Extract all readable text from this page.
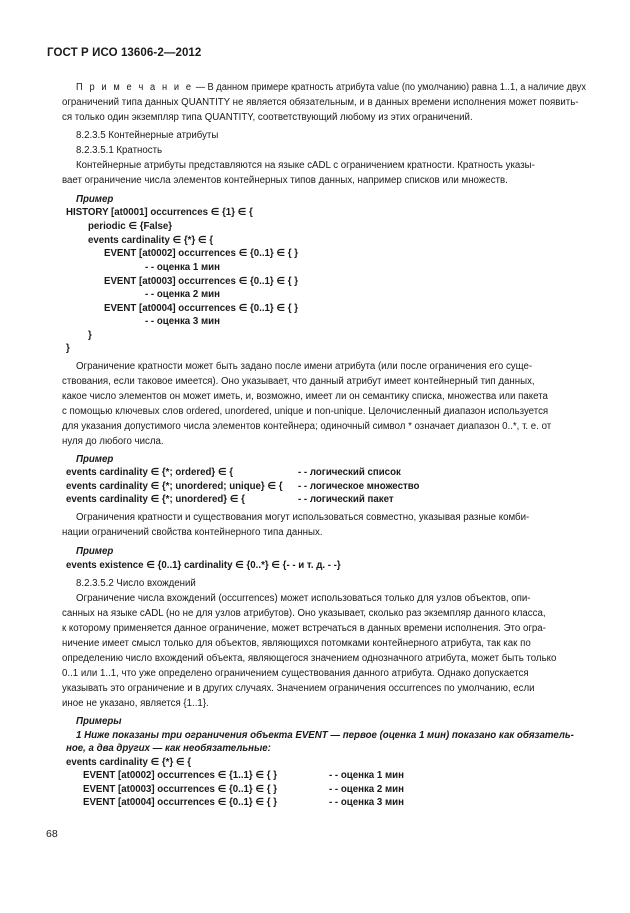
ГОСТ Р ИСО 13606-2—2012
П р и м е ч а н и е — В данном примере кратность атрибута value (по умолчанию) равна 1..1, а наличие двух
ограничений типа данных QUANTITY не является обязательным, и в данных времени исполнения может появить-
ся только один экземпляр типа QUANTITY, соответствующий любому из этих ограничений.
8.2.3.5 Контейнерные атрибуты
8.2.3.5.1 Кратность
Контейнерные атрибуты представляются на языке cADL с ограничением кратности. Кратность указы-
вает ограничение числа элементов контейнерных типов данных, например списков или множеств.
Пример
HISTORY [at0001] occurrences ∈ {1} ∈ {
periodic ∈ {False}
events cardinality ∈ {*} ∈ {
EVENT [at0002] occurrences ∈ {0..1} ∈ { }
- - оценка 1 мин
EVENT [at0003] occurrences ∈ {0..1} ∈ { }
- - оценка 2 мин
EVENT [at0004] occurrences ∈ {0..1} ∈ { }
- - оценка 3 мин
}
}
Ограничение кратности может быть задано после имени атрибута (или после ограничения его суще-
ствования, если таковое имеется). Оно указывает, что данный атрибут имеет контейнерный тип данных,
какое число элементов он может иметь, и, возможно, имеет ли он семантику списка, множества или пакета
с помощью ключевых слов ordered, unordered, unique и non-unique. Целочисленный диапазон используется
для указания допустимого числа элементов контейнера; одиночный символ * означает диапазон 0..*, т. е. от
нуля до любого числа.
Пример
events cardinality ∈ {*; ordered} ∈ {	- - логический список
events cardinality ∈ {*; unordered; unique} ∈ { - - логическое множество
events cardinality ∈ {*; unordered} ∈ {	- - логический пакет
Ограничения кратности и существования могут использоваться совместно, указывая разные комби-
нации ограничений свойства контейнерного типа данных.
Пример
events existence ∈ {0..1} cardinality ∈ {0..*} ∈ {- - и т. д. - -}
8.2.3.5.2 Число вхождений
Ограничение числа вхождений (occurrences) может использоваться только для узлов объектов, опи-
санных на языке cADL (но не для узлов атрибутов). Оно указывает, сколько раз экземпляр данного класса,
к которому применяется данное ограничение, может встречаться в данных времени исполнения. Это огра-
ничение имеет смысл только для объектов, являющихся потомками контейнерного атрибута, так как по
определению число вхождений объекта, являющегося значением однозначного атрибута, может быть только
0..1 или 1..1, что уже определено ограничением существования данного атрибута. Однако допускается
указывать это ограничение и в других случаях. Значением ограничения occurrences по умолчанию, если
иное не указано, является {1..1}.
Примеры
1 Ниже показаны три ограничения объекта EVENT — первое (оценка 1 мин) показано как обязатель-
ное, а два других — как необязательные:
events cardinality ∈ {*} ∈ {
EVENT [at0002] occurrences ∈ {1..1} ∈ { }	- - оценка 1 мин
EVENT [at0003] occurrences ∈ {0..1} ∈ { }	- - оценка 2 мин
EVENT [at0004] occurrences ∈ {0..1} ∈ { }	- - оценка 3 мин
68
